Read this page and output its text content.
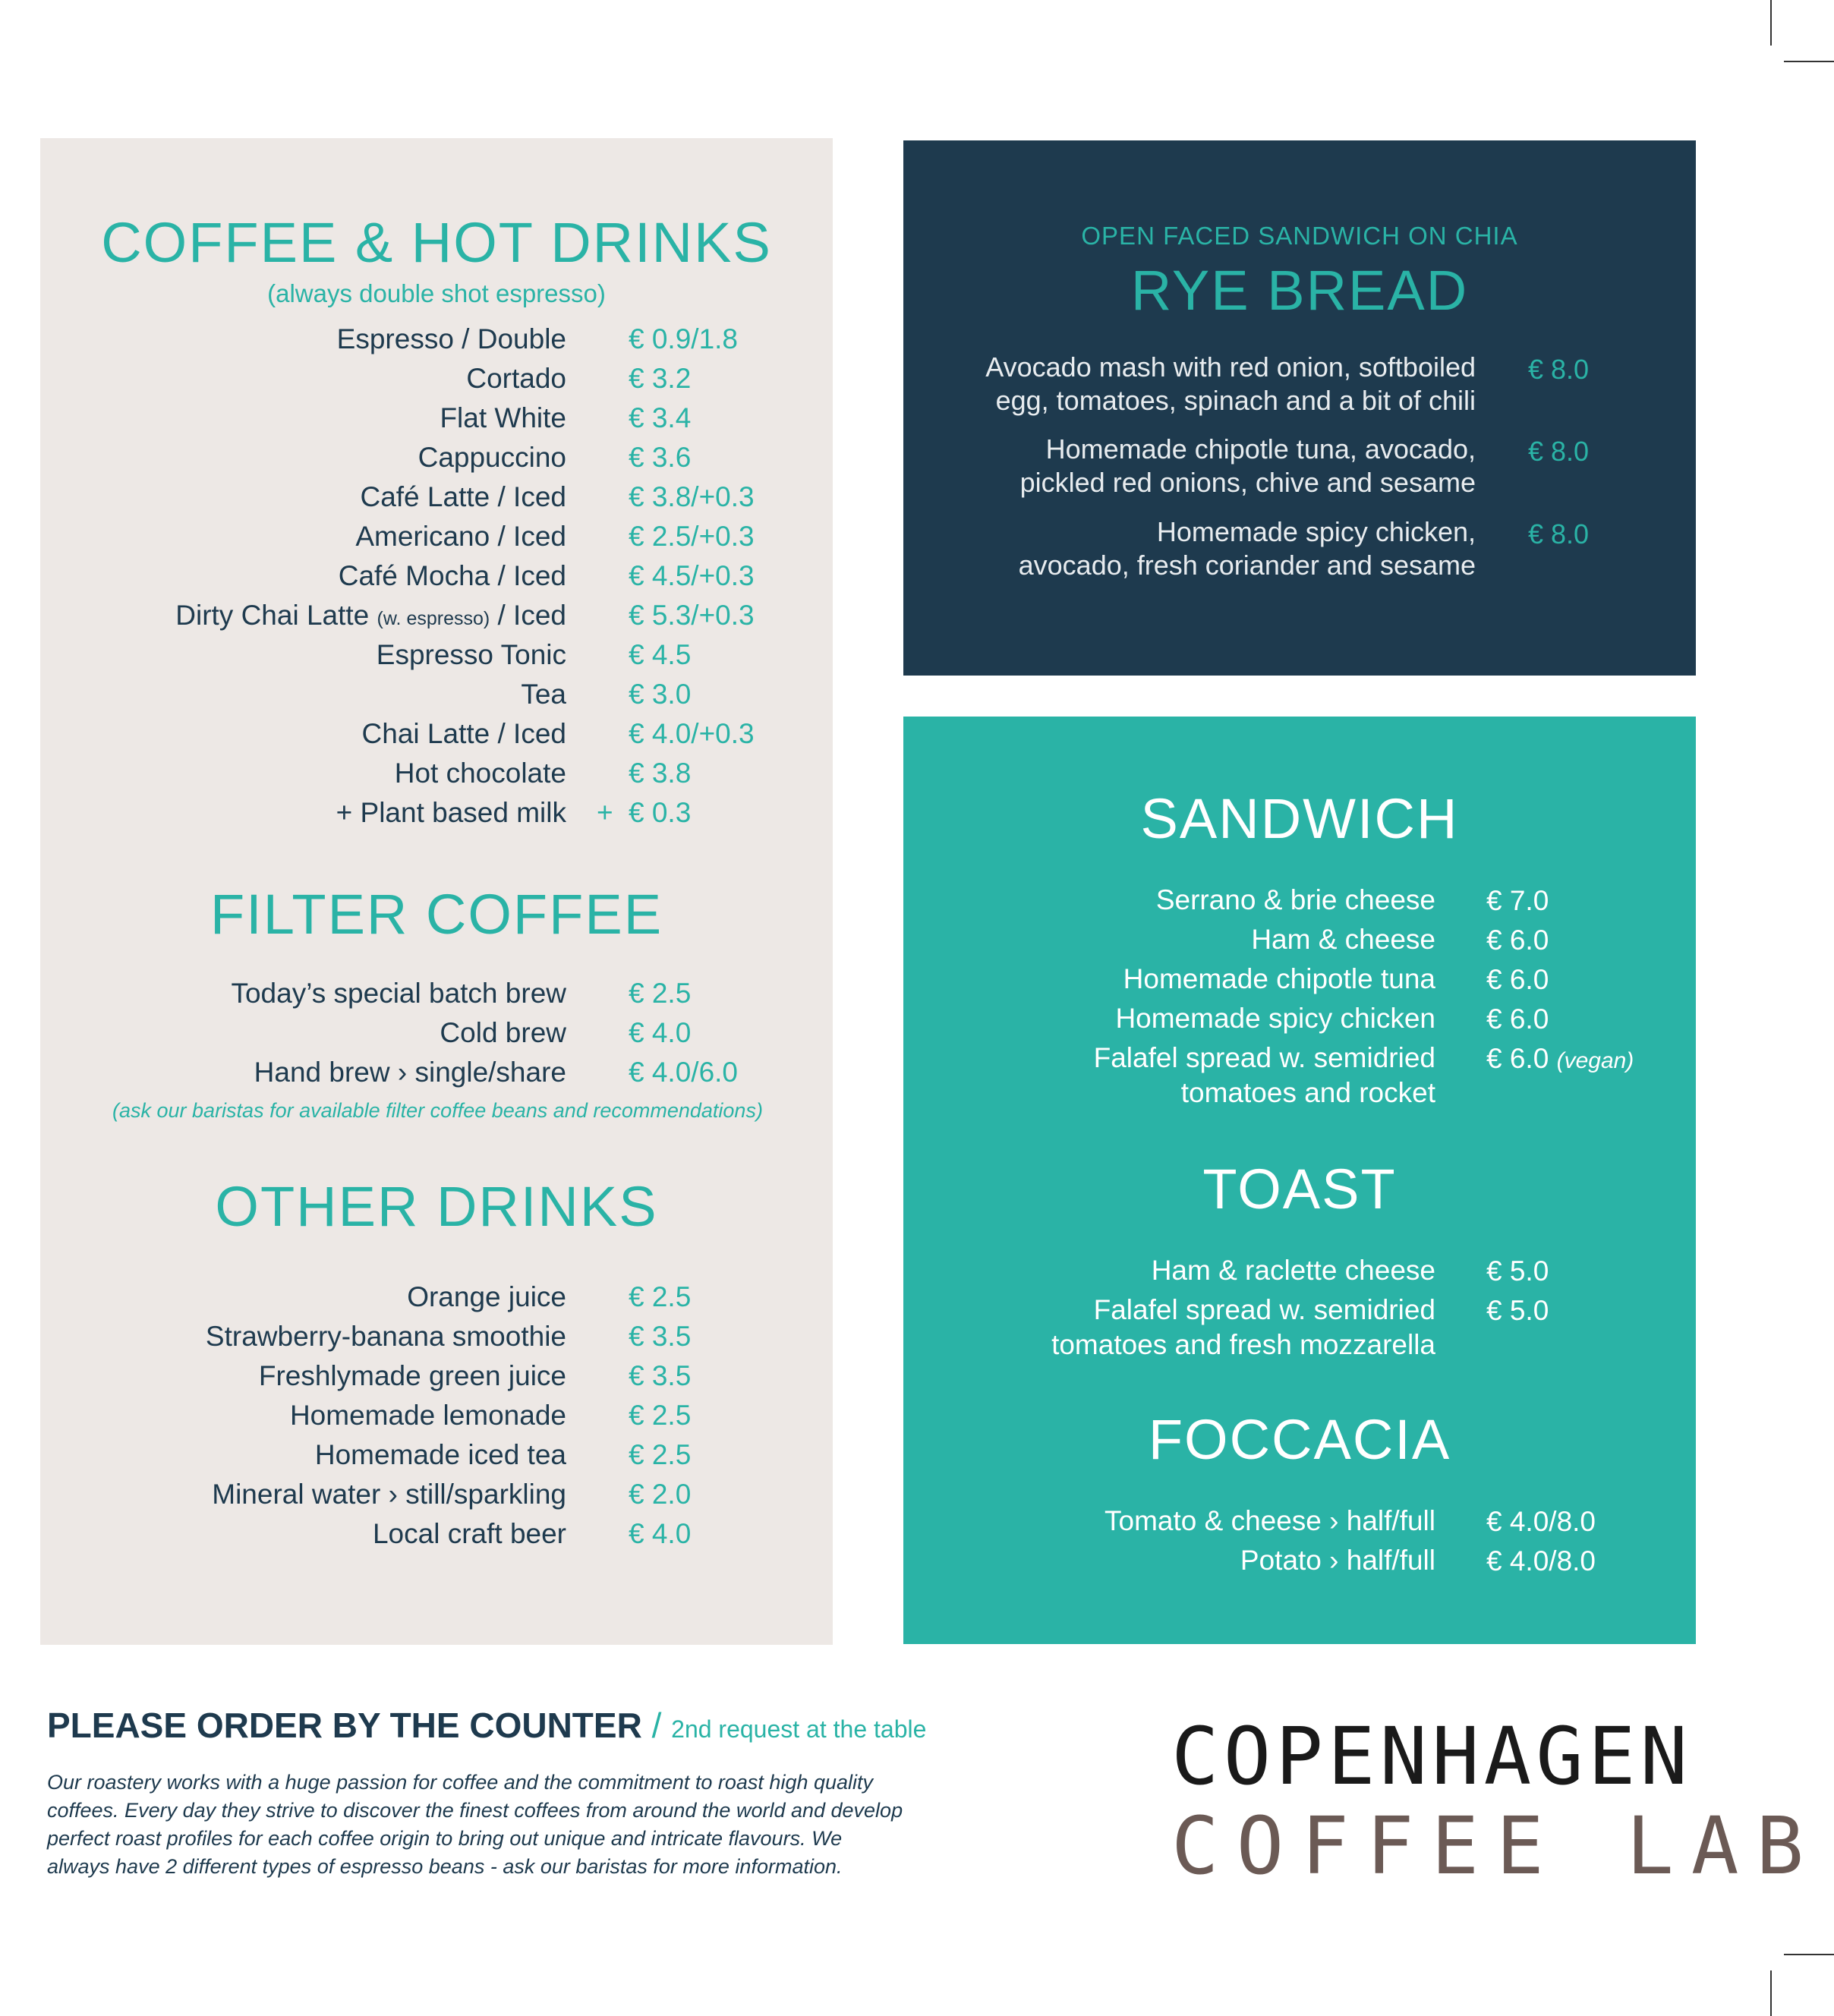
COFFEE & HOT DRINKS
(always double shot espresso)
Espresso / Double € 0.9/1.8
Cortado € 3.2
Flat White € 3.4
Cappuccino € 3.6
Café Latte / Iced € 3.8/+0.3
Americano / Iced € 2.5/+0.3
Café Mocha / Iced € 4.5/+0.3
Dirty Chai Latte (w. espresso) / Iced € 5.3/+0.3
Espresso Tonic € 4.5
Tea € 3.0
Chai Latte / Iced € 4.0/+0.3
Hot chocolate € 3.8
+ Plant based milk + € 0.3
FILTER COFFEE
Today’s special batch brew € 2.5
Cold brew € 4.0
Hand brew › single/share € 4.0/6.0
(ask our baristas for available filter coffee beans and recommendations)
OTHER DRINKS
Orange juice € 2.5
Strawberry-banana smoothie € 3.5
Freshlymade green juice € 3.5
Homemade lemonade € 2.5
Homemade iced tea € 2.5
Mineral water › still/sparkling € 2.0
Local craft beer € 4.0
OPEN FACED SANDWICH ON CHIA
RYE BREAD
Avocado mash with red onion, softboiled
egg, tomatoes, spinach and a bit of chili
€ 8.0
Homemade chipotle tuna, avocado,
pickled red onions, chive and sesame
€ 8.0
Homemade spicy chicken,
avocado, fresh coriander and sesame
€ 8.0
SANDWICH
Serrano & brie cheese € 7.0
Ham & cheese € 6.0
Homemade chipotle tuna € 6.0
Homemade spicy chicken € 6.0
Falafel spread w. semidried
tomatoes and rocket
€ 6.0 (vegan)
TOAST
Ham & raclette cheese € 5.0
Falafel spread w. semidried
tomatoes and fresh mozzarella
€ 5.0
FOCCACIA
Tomato & cheese › half/full € 4.0/8.0
Potato › half/full € 4.0/8.0
PLEASE ORDER BY THE COUNTER / 2nd request at the table
Our roastery works with a huge passion for coffee and the commitment to roast high quality coffees. Every day they strive to discover the finest coffees from around the world and develop perfect roast profiles for each coffee origin to bring out unique and intricate flavours. We always have 2 different types of espresso beans - ask our baristas for more information.
COPENHAGEN
COFFEE LAB
